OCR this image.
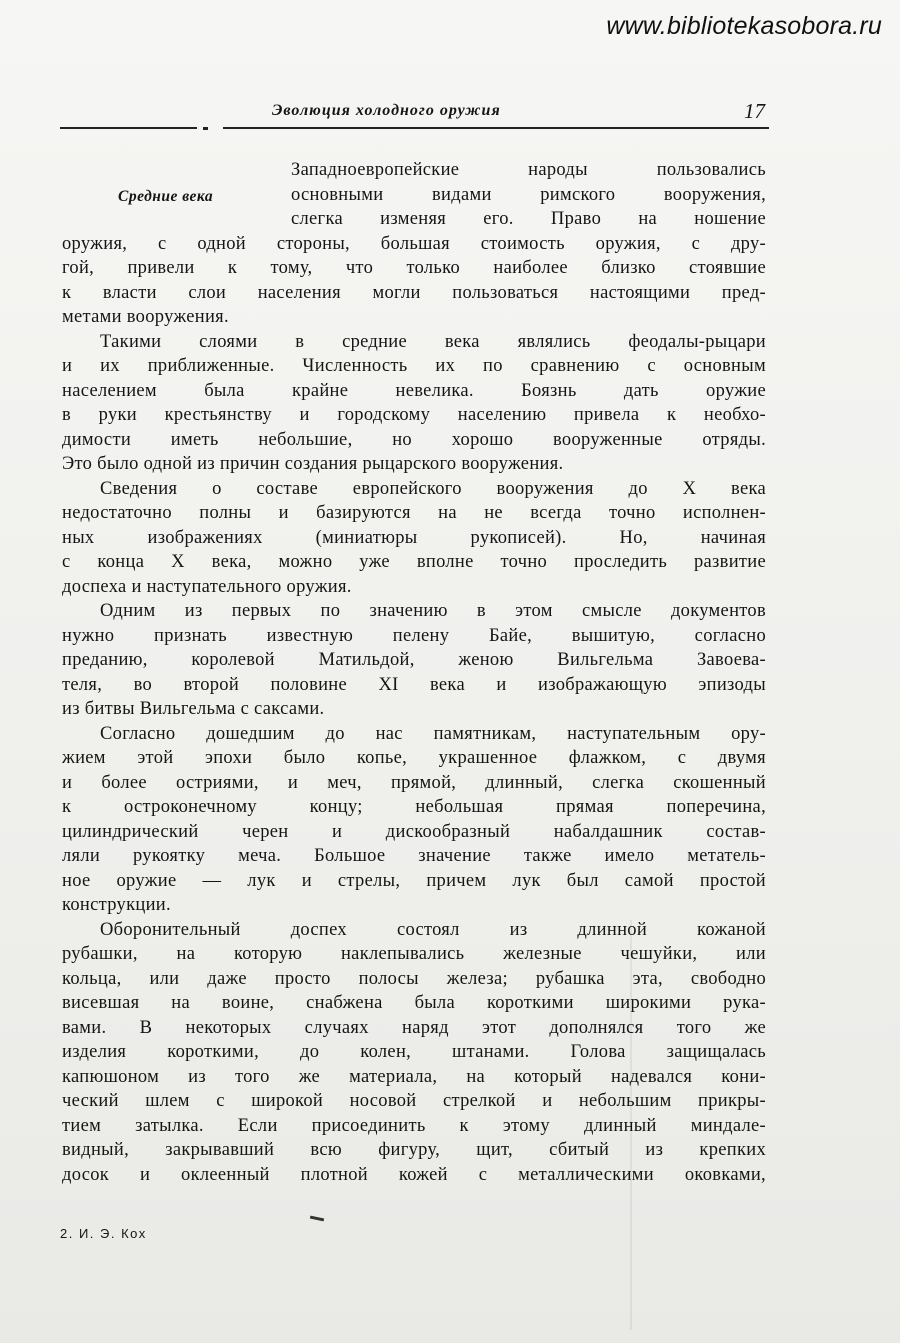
www.bibliotekasobora.ru
Эволюция холодного оружия	17
Средние века
Западноевропейские народы пользовались
основными видами римского вооружения,
слегка изменяя его. Право на ношение
оружия, с одной стороны, большая стоимость оружия, с дру-
гой, привели к тому, что только наиболее близко стоявшие
к власти слои населения могли пользоваться настоящими пред-
метами вооружения.
Такими слоями в средние века являлись феодалы-рыцари
и их приближенные. Численность их по сравнению с основным
населением была крайне невелика. Боязнь дать оружие
в руки крестьянству и городскому населению привела к необхо-
димости иметь небольшие, но хорошо вооруженные отряды.
Это было одной из причин создания рыцарского вооружения.
Сведения о составе европейского вооружения до X века
недостаточно полны и базируются на не всегда точно исполнен-
ных изображениях (миниатюры рукописей). Но, начиная
с конца X века, можно уже вполне точно проследить развитие
доспеха и наступательного оружия.
Одним из первых по значению в этом смысле документов
нужно признать известную пелену Байе, вышитую, согласно
преданию, королевой Матильдой, женою Вильгельма Завоева-
теля, во второй половине XI века и изображающую эпизоды
из битвы Вильгельма с саксами.
Согласно дошедшим до нас памятникам, наступательным ору-
жием этой эпохи было копье, украшенное флажком, с двумя
и более остриями, и меч, прямой, длинный, слегка скошенный
к остроконечному концу; небольшая прямая поперечина,
цилиндрический черен и дискообразный набалдашник состав-
ляли рукоятку меча. Большое значение также имело метатель-
ное оружие — лук и стрелы, причем лук был самой простой
конструкции.
Оборонительный доспех состоял из длинной кожаной
рубашки, на которую наклепывались железные чешуйки, или
кольца, или даже просто полосы железа; рубашка эта, свободно
висевшая на воине, снабжена была короткими широкими рука-
вами. В некоторых случаях наряд этот дополнялся того же
изделия короткими, до колен, штанами. Голова защищалась
капюшоном из того же материала, на который надевался кони-
ческий шлем с широкой носовой стрелкой и небольшим прикры-
тием затылка. Если присоединить к этому длинный миндале-
видный, закрывавший всю фигуру, щит, сбитый из крепких
досок и оклеенный плотной кожей с металлическими оковками,
2. И. Э. Кох
